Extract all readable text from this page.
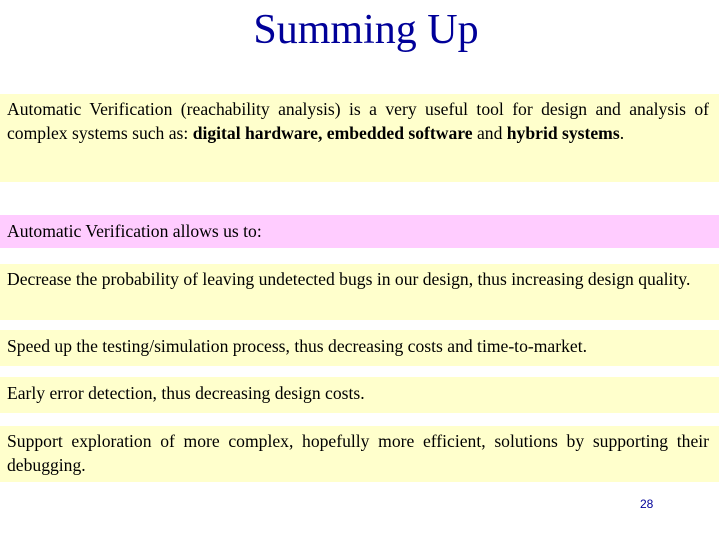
Summing Up
Automatic Verification (reachability analysis) is a very useful tool for design and analysis of complex systems such as: digital hardware, embedded software and hybrid systems.
Automatic Verification allows us to:
Decrease the probability of leaving undetected bugs in our design, thus increasing design quality.
Speed up the testing/simulation process, thus decreasing costs and time-to-market.
Early error detection, thus decreasing design costs.
Support exploration of more complex, hopefully more efficient, solutions by supporting their debugging.
28
